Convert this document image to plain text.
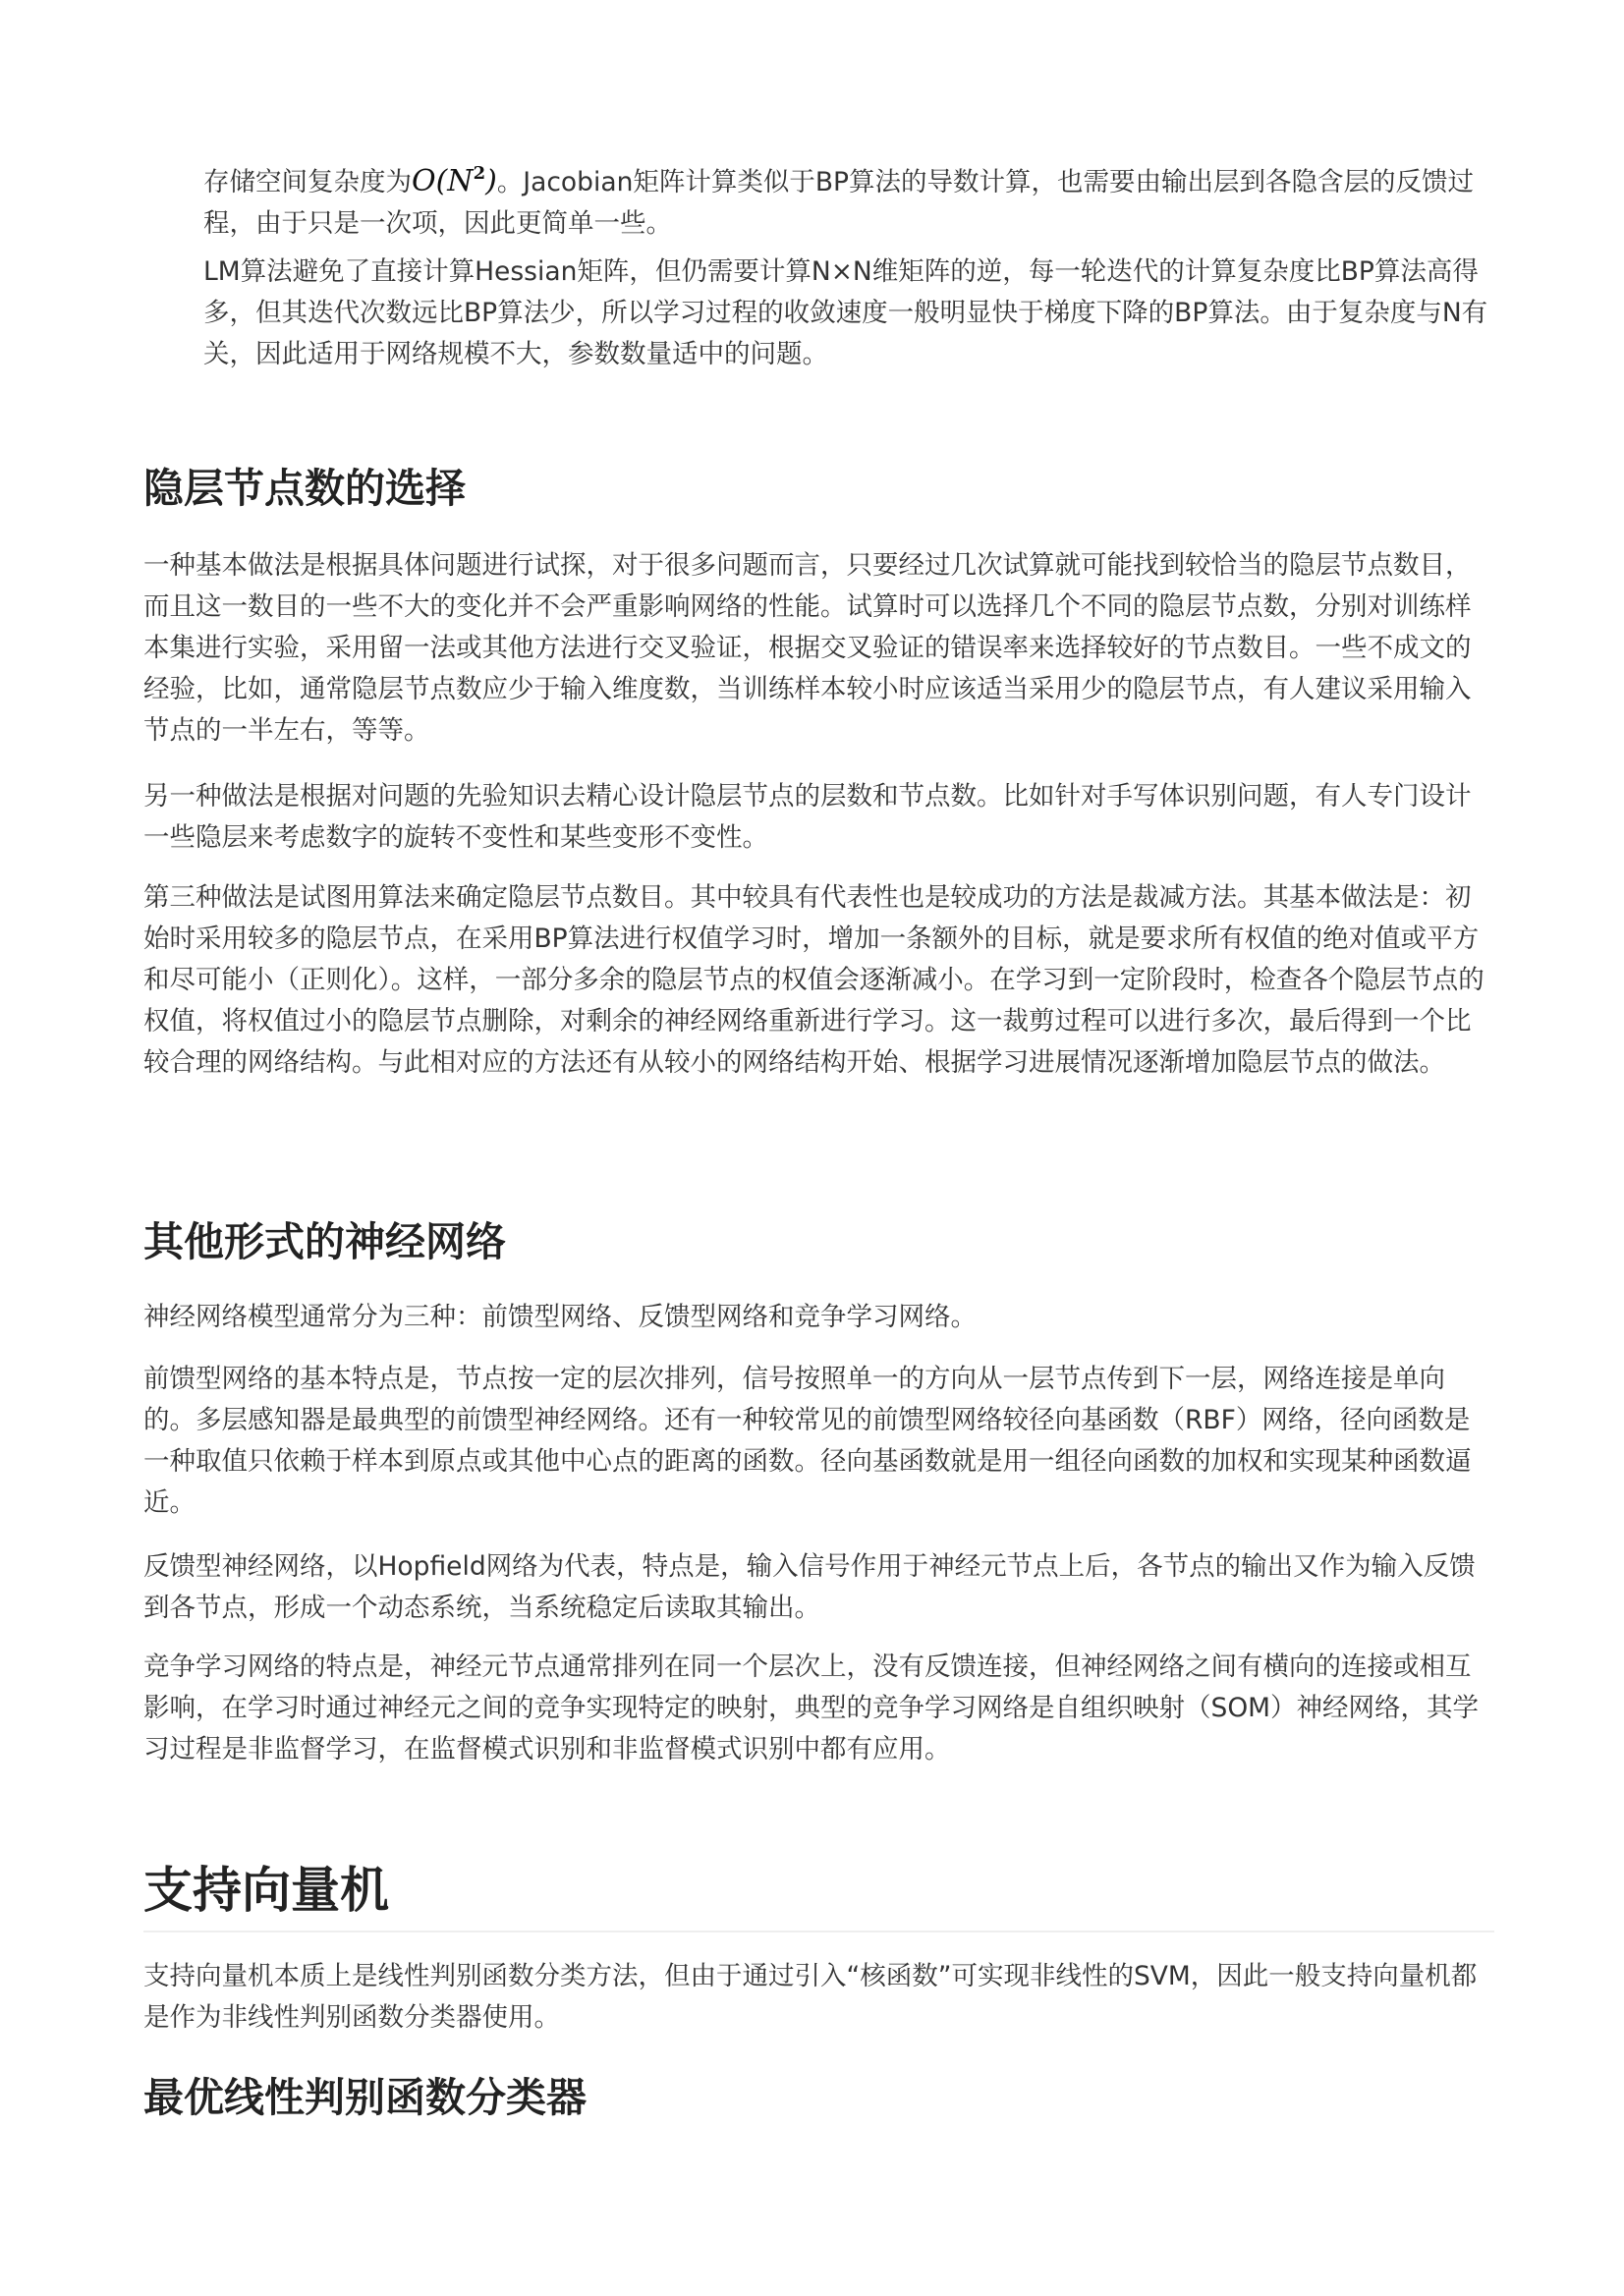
存储空间复杂度为$O(N^2)$。Jacobian矩阵计算类似于BP算法的导数计算，也需要由输出层到各隐含层的反馈过程，由于只是一次项，因此更简单一些。

LM算法避免了直接计算Hessian矩阵，但仍需要计算N×N维矩阵的逆，每一轮迭代的计算复杂度比BP算法高得多，但其迭代次数远比BP算法少，所以学习过程的收敛速度一般明显快于梯度下降的BP算法。由于复杂度与N有关，因此适用于网络规模不大，参数数量适中的问题。

隐层节点数的选择

一种基本做法是根据具体问题进行试探，对于很多问题而言，只要经过几次试算就可能找到较恰当的隐层节点数目，而且这一数目的一些不大的变化并不会严重影响网络的性能。试算时可以选择几个不同的隐层节点数，分别对训练样本集进行实验，采用留一法或其他方法进行交叉验证，根据交叉验证的错误率来选择较好的节点数目。一些不成文的经验，比如，通常隐层节点数应少于输入维度数，当训练样本较小时应该适当采用少的隐层节点，有人建议采用输入节点的一半左右，等等。

另一种做法是根据对问题的先验知识去精心设计隐层节点的层数和节点数。比如针对手写体识别问题，有人专门设计一些隐层来考虑数字的旋转不变性和某些变形不变性。

第三种做法是试图用算法来确定隐层节点数目。其中较具有代表性也是较成功的方法是裁减方法。其基本做法是：初始时采用较多的隐层节点，在采用BP算法进行权值学习时，增加一条额外的目标，就是要求所有权值的绝对值或平方和尽可能小（正则化）。这样，一部分多余的隐层节点的权值会逐渐减小。在学习到一定阶段时，检查各个隐层节点的权值，将权值过小的隐层节点删除，对剩余的神经网络重新进行学习。这一裁剪过程可以进行多次，最后得到一个比较合理的网络结构。与此相对应的方法还有从较小的网络结构开始、根据学习进展情况逐渐增加隐层节点的做法。

其他形式的神经网络

神经网络模型通常分为三种：前馈型网络、反馈型网络和竞争学习网络。

前馈型网络的基本特点是，节点按一定的层次排列，信号按照单一的方向从一层节点传到下一层，网络连接是单向的。多层感知器是最典型的前馈型神经网络。还有一种较常见的前馈型网络较径向基函数（RBF）网络，径向函数是一种取值只依赖于样本到原点或其他中心点的距离的函数。径向基函数就是用一组径向函数的加权和实现某种函数逼近。

反馈型神经网络，以Hopfield网络为代表，特点是，输入信号作用于神经元节点上后，各节点的输出又作为输入反馈到各节点，形成一个动态系统，当系统稳定后读取其输出。

竞争学习网络的特点是，神经元节点通常排列在同一个层次上，没有反馈连接，但神经网络之间有横向的连接或相互影响，在学习时通过神经元之间的竞争实现特定的映射，典型的竞争学习网络是自组织映射（SOM）神经网络，其学习过程是非监督学习，在监督模式识别和非监督模式识别中都有应用。

支持向量机

支持向量机本质上是线性判别函数分类方法，但由于通过引入“核函数”可实现非线性的SVM，因此一般支持向量机都是作为非线性判别函数分类器使用。

最优线性判别函数分类器
